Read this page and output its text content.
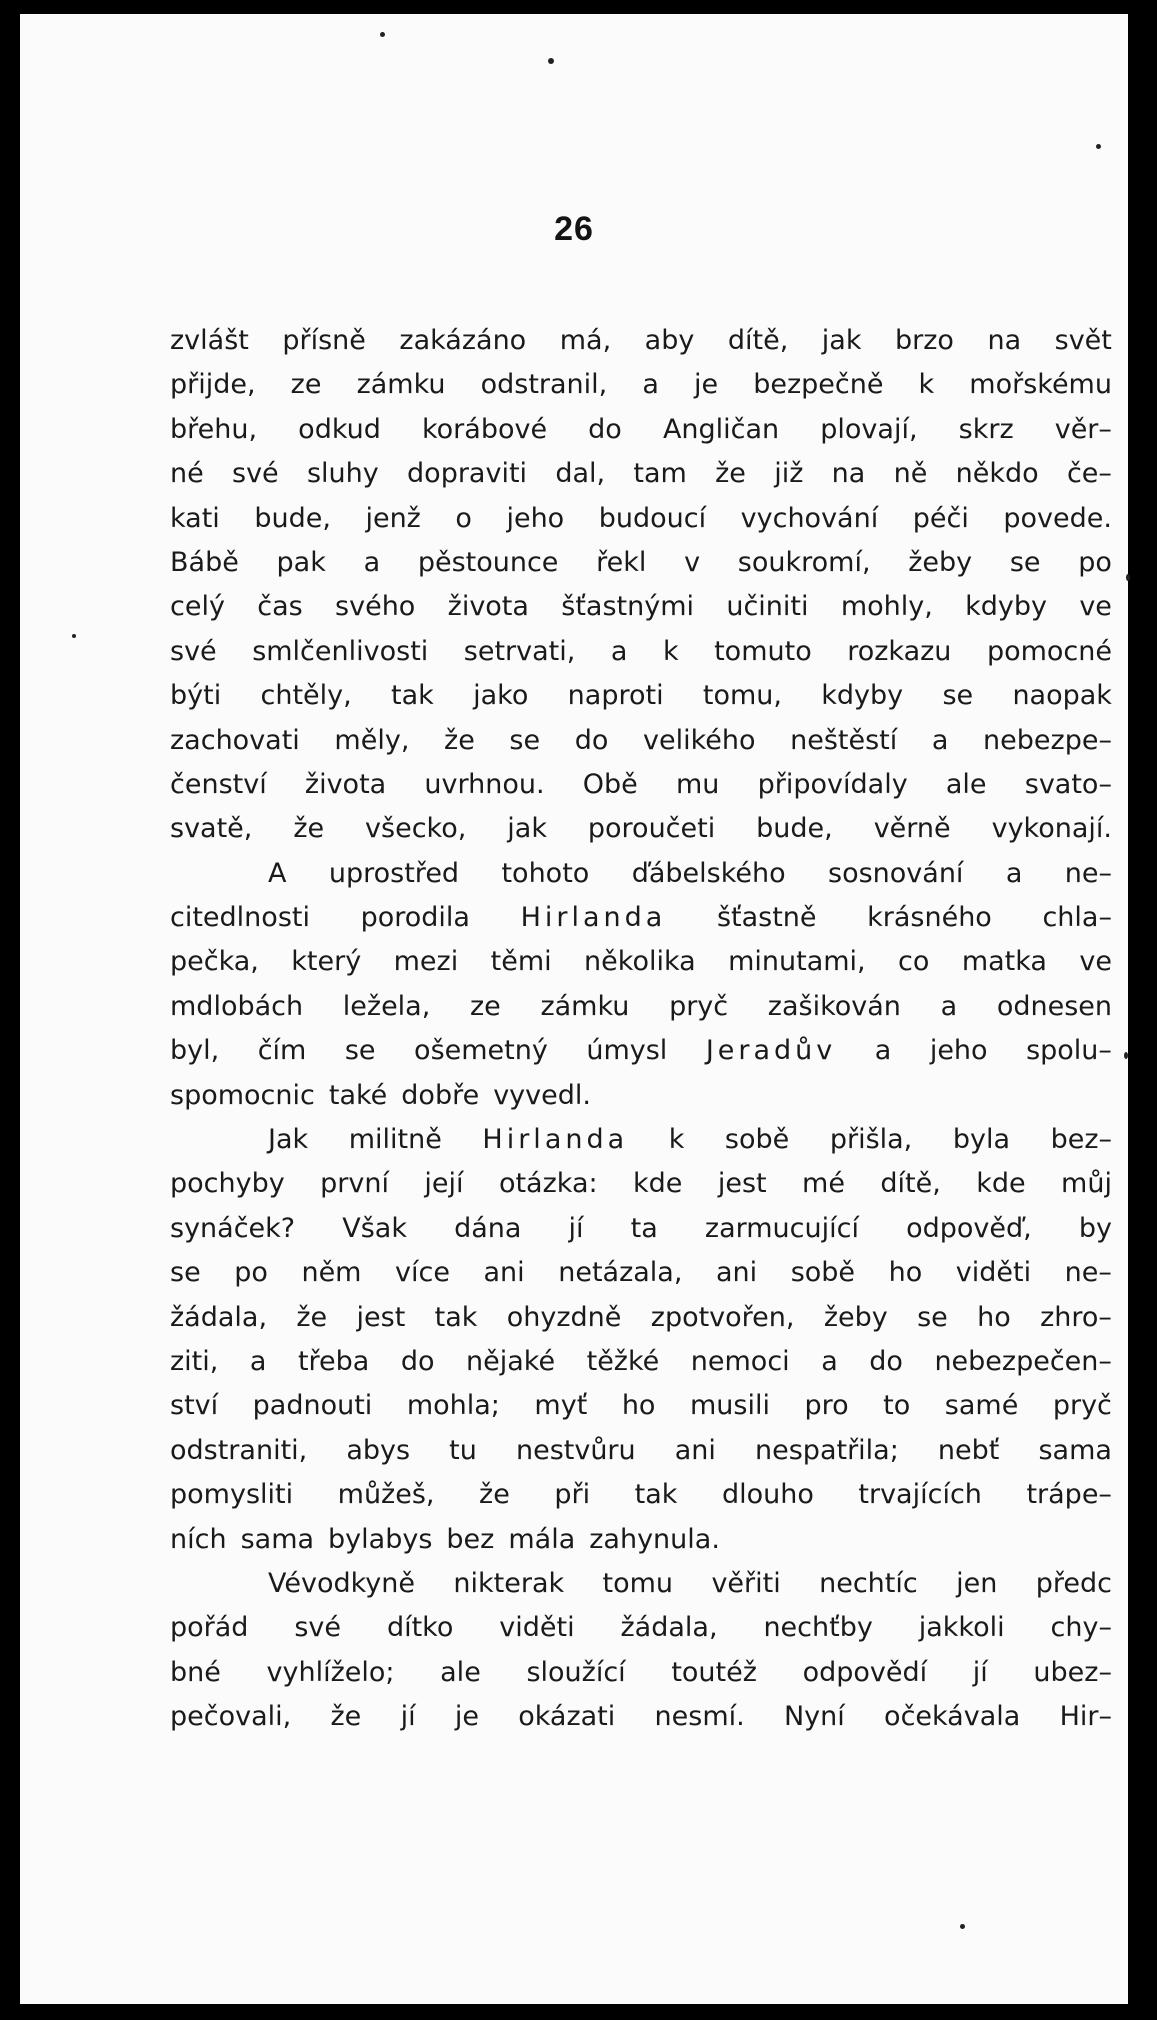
26
zvlášt přísně zakázáno má, aby dítě, jak brzo na svět
přijde, ze zámku odstranil, a je bezpečně k mořskému
břehu, odkud korábové do Angličan plovají, skrz věr–
né své sluhy dopraviti dal, tam že již na ně někdo če–
kati bude, jenž o jeho budoucí vychování péči povede.
Bábě pak a pěstounce řekl v soukromí, žeby se po
celý čas svého života šťastnými učiniti mohly, kdyby ve
své smlčenlivosti setrvati, a k tomuto rozkazu pomocné
býti chtěly, tak jako naproti tomu, kdyby se naopak
zachovati měly, že se do velikého neštěstí a nebezpe–
čenství života uvrhnou. Obě mu připovídaly ale svato–
svatě, že všecko, jak poroučeti bude, věrně vykonají.
A uprostřed tohoto ďábelského sosnování a ne–
citedlnosti porodila Hirlanda šťastně krásného chla–
pečka, který mezi těmi několika minutami, co matka ve
mdlobách ležela, ze zámku pryč zašikován a odnesen
byl, čím se ošemetný úmysl Jeradův a jeho spolu–
spomocnic také dobře vyvedl.
Jak militně Hirlanda k sobě přišla, byla bez–
pochyby první její otázka: kde jest mé dítě, kde můj
synáček? Však dána jí ta zarmucující odpověď, by
se po něm více ani netázala, ani sobě ho viděti ne–
žádala, že jest tak ohyzdně zpotvořen, žeby se ho zhro–
ziti, a třeba do nějaké těžké nemoci a do nebezpečen–
ství padnouti mohla; myť ho musili pro to samé pryč
odstraniti, abys tu nestvůru ani nespatřila; nebť sama
pomysliti můžeš, že při tak dlouho trvajících trápe–
ních sama bylabys bez mála zahynula.
Vévodkyně nikterak tomu věřiti nechtíc jen předc
pořád své dítko viděti žádala, nechťby jakkoli chy–
bné vyhlíželo; ale sloužící toutéž odpovědí jí ubez–
pečovali, že jí je okázati nesmí. Nyní očekávala Hir–
